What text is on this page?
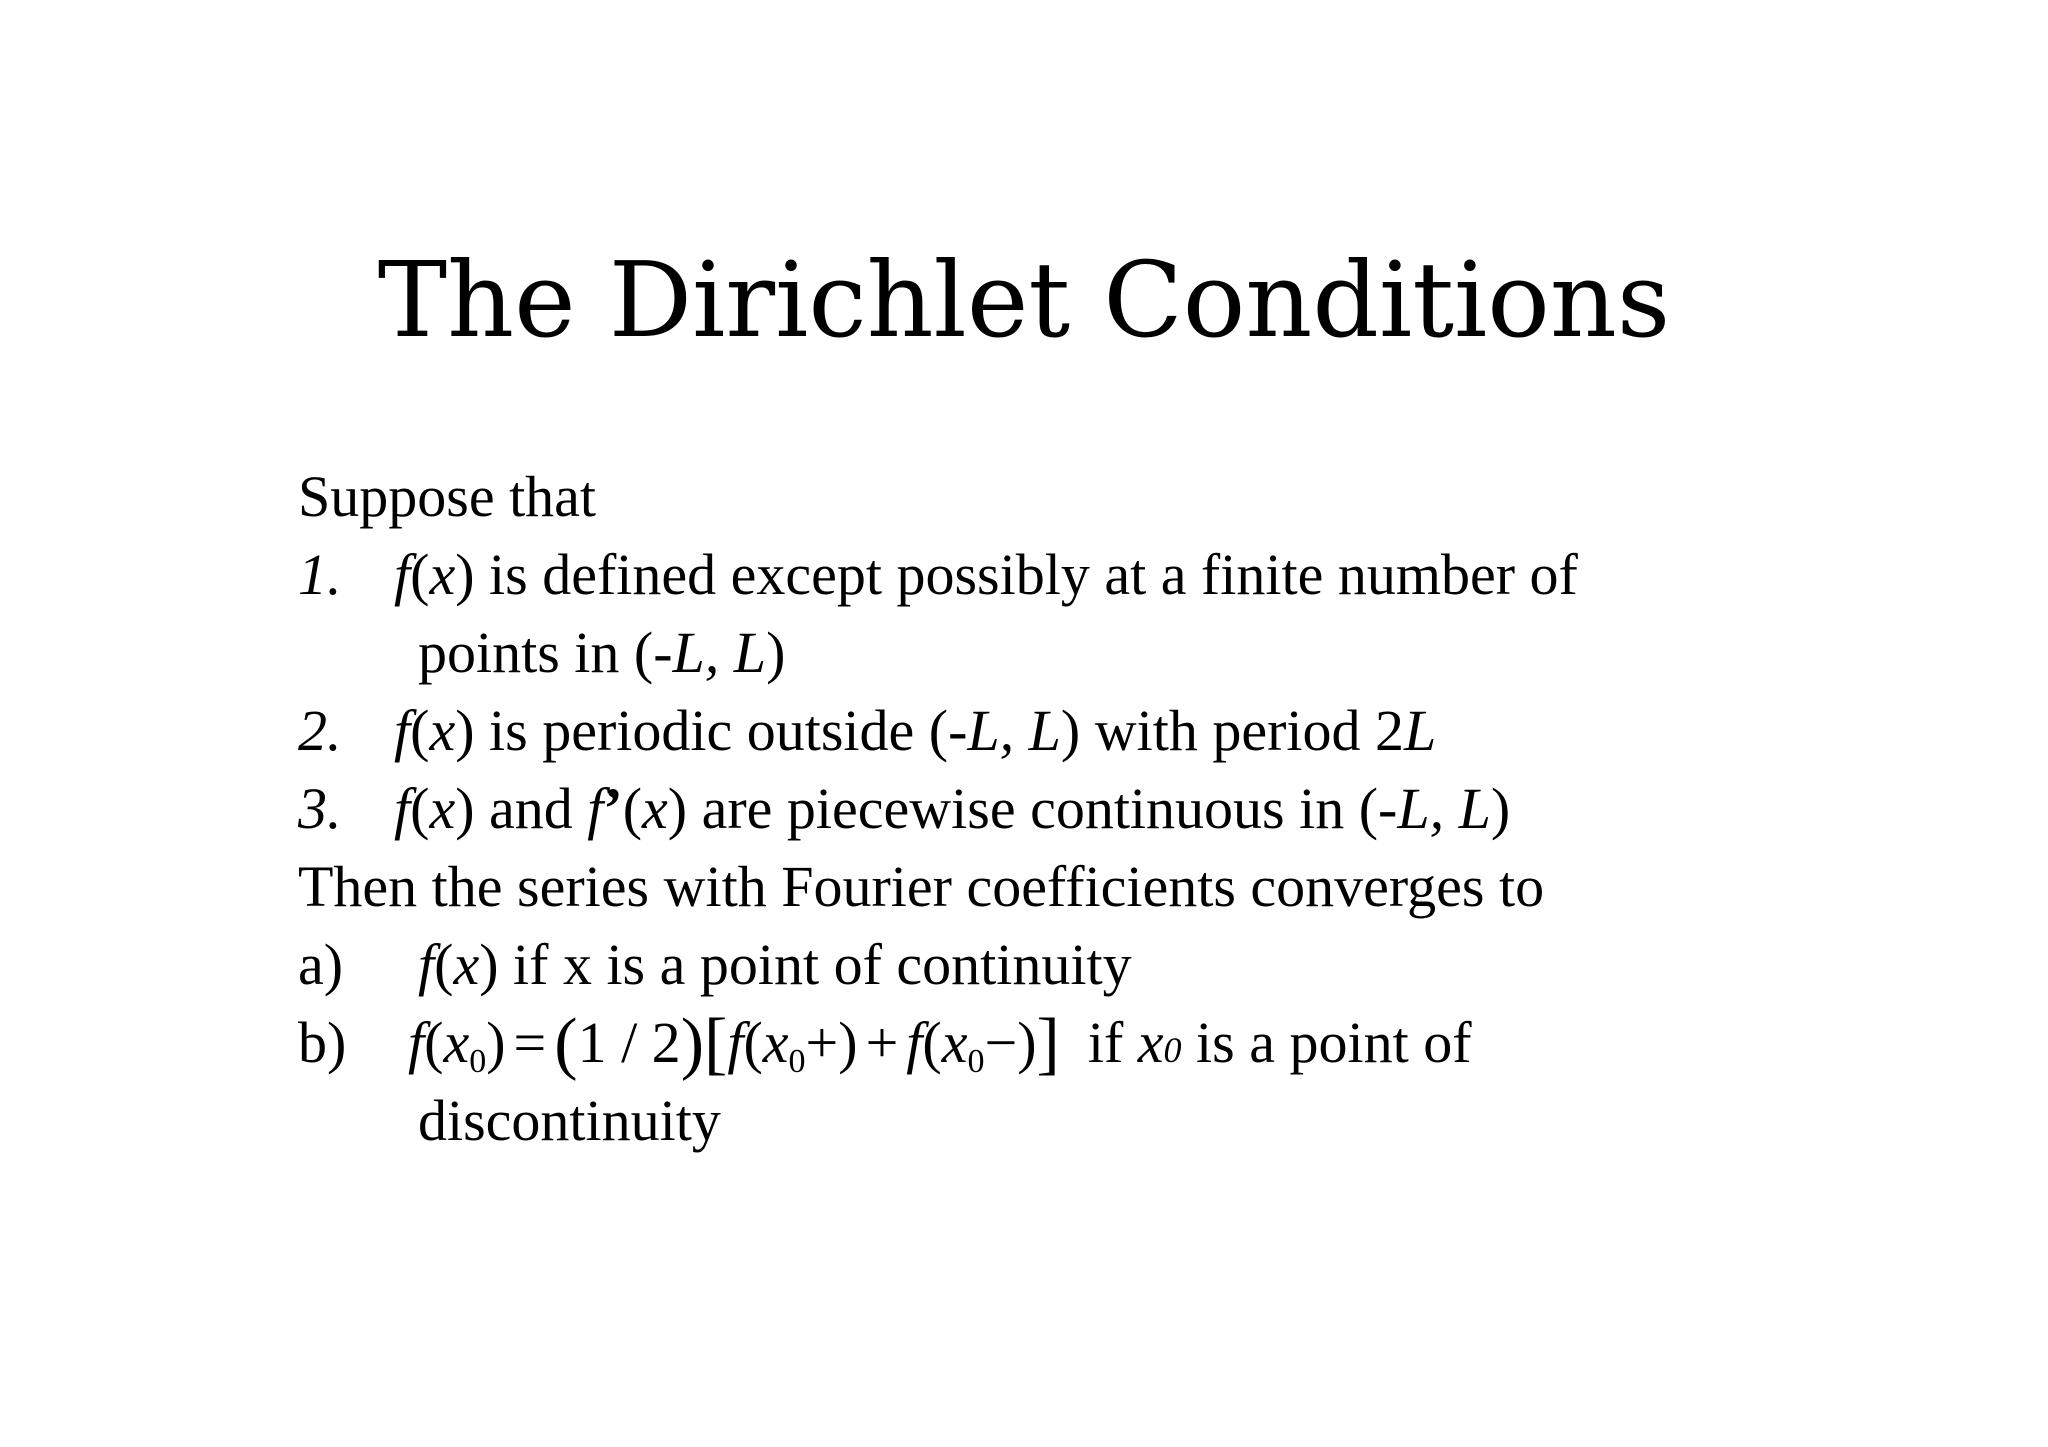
The Dirichlet Conditions
Suppose that
1. f(x) is defined except possibly at a finite number of
points in (-L, L)
2. f(x) is periodic outside (-L, L) with period 2L
3. f(x) and f’(x) are piecewise continuous in (-L, L)
Then the series with Fourier coefficients converges to
a) f(x) if x is a point of continuity
b) $f(x_0) = (1 / 2)[f(x_0+) + f(x_0-)]$ if x0 is a point of
discontinuity
